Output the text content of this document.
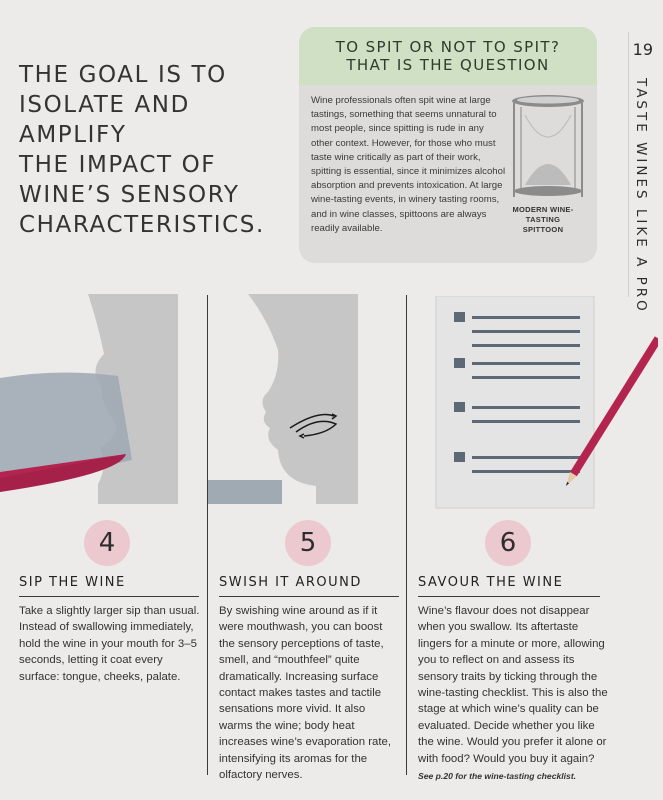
19
TASTE WINES LIKE A PRO
THE GOAL IS TO
ISOLATE AND AMPLIFY
THE IMPACT OF
WINE’S SENSORY
CHARACTERISTICS.
TO SPIT OR NOT TO SPIT?
THAT IS THE QUESTION
Wine professionals often spit wine at large tastings, something that seems unnatural to most people, since spitting is rude in any other context. However, for those who must taste wine critically as part of their work, spitting is essential, since it minimizes alcohol absorption and prevents intoxication. At large wine-tasting events, in winery tasting rooms, and in wine classes, spittoons are always readily available.
MODERN WINE-TASTING
SPITTOON
4
SIP THE WINE
Take a slightly larger sip than usual. Instead of swallowing immediately, hold the wine in your mouth for 3–5 seconds, letting it coat every surface: tongue, cheeks, palate.
5
SWISH IT AROUND
By swishing wine around as if it were mouthwash, you can boost the sensory perceptions of taste, smell, and “mouthfeel” quite dramatically. Increasing surface contact makes tastes and tactile sensations more vivid. It also warms the wine; body heat increases wine’s evaporation rate, intensifying its aromas for the olfactory nerves.
6
SAVOUR THE WINE
Wine’s flavour does not disappear when you swallow. Its aftertaste lingers for a minute or more, allowing you to reflect on and assess its sensory traits by ticking through the wine-tasting checklist. This is also the stage at which wine’s quality can be evaluated. Decide whether you like the wine. Would you prefer it alone or with food? Would you buy it again?
See p.20 for the wine-tasting checklist.
